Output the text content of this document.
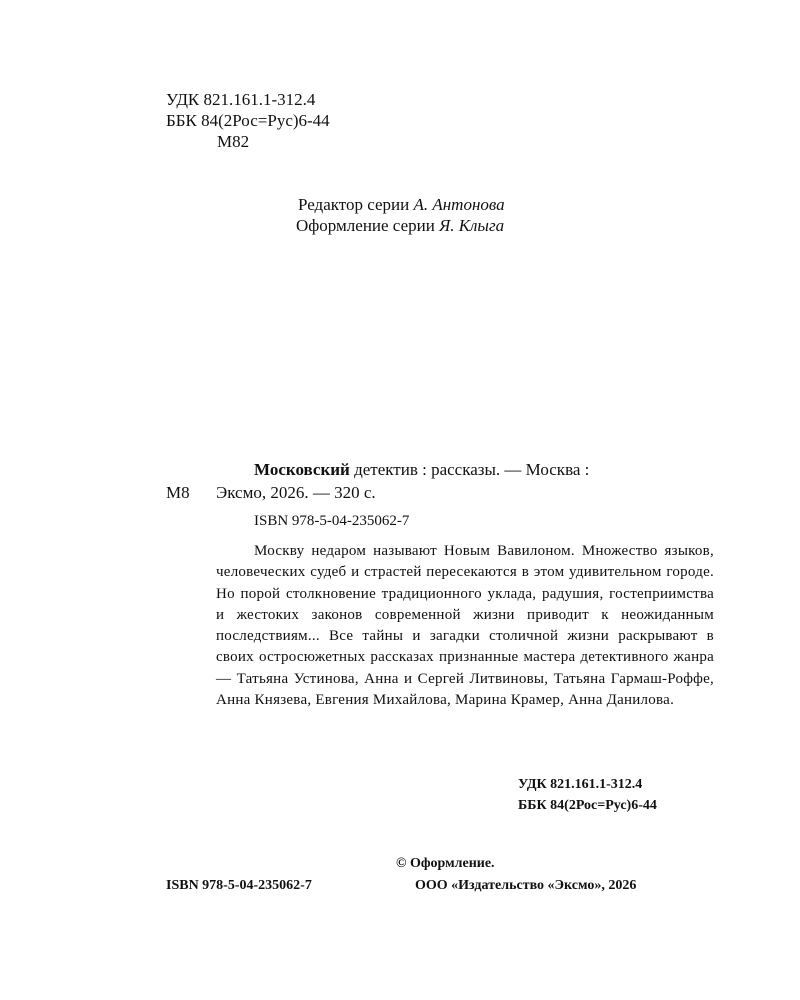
УДК 821.161.1-312.4
ББК 84(2Рос=Рус)6-44
М82
Редактор серии А. Антонова
Оформление серии Я. Клыга
Московский детектив : рассказы. — Москва :
М8 Эксмо, 2026. — 320 с.
ISBN 978-5-04-235062-7
Москву недаром называют Новым Вавилоном. Множество языков, человеческих судеб и страстей пересекаются в этом удивительном городе. Но порой столкновение традиционного уклада, радушия, гостеприимства и жестоких законов современной жизни приводит к неожиданным последствиям... Все тайны и загадки столичной жизни раскрывают в своих остросюжетных рассказах признанные мастера детективного жанра — Татьяна Устинова, Анна и Сергей Литвиновы, Татьяна Гармаш-Роффе, Анна Князева, Евгения Михайлова, Марина Крамер, Анна Данилова.
УДК 821.161.1-312.4
ББК 84(2Рос=Рус)6-44
© Оформление.
ISBN 978-5-04-235062-7	ООО «Издательство «Эксмо», 2026
